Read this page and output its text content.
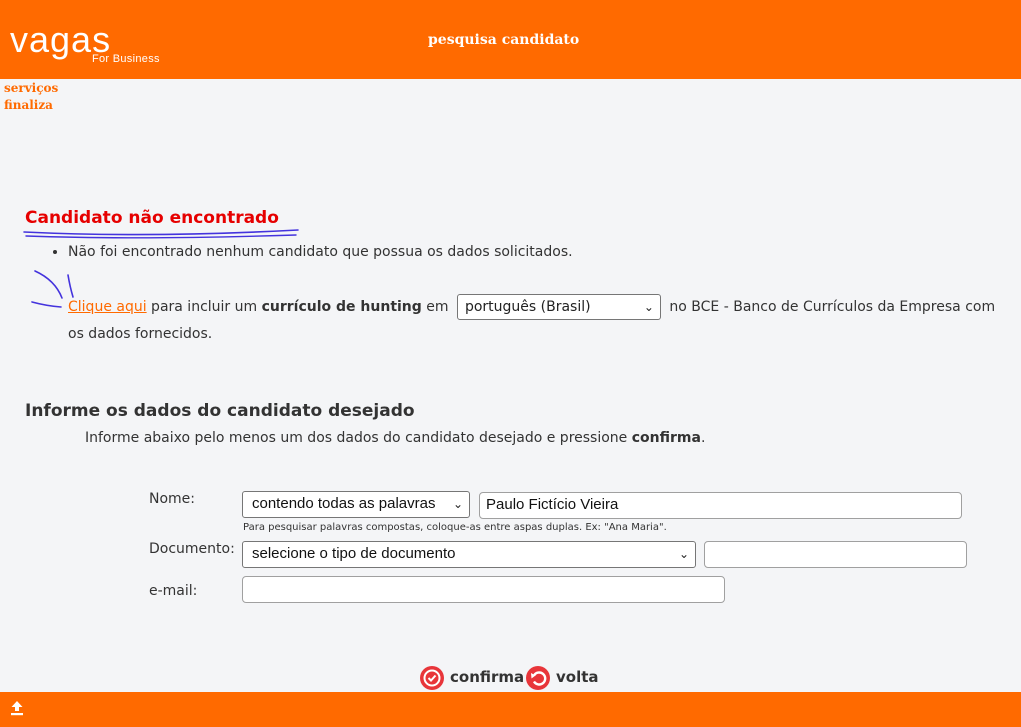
vagas
For Business
pesquisa candidato
serviços
finaliza
Candidato não encontrado
• Não foi encontrado nenhum candidato que possua os dados solicitados.
Clique aqui para incluir um currículo de hunting em português (Brasil)	⌄ no BCE - Banco de Currículos da Empresa com os dados fornecidos.
Informe os dados do candidato desejado
Informe abaixo pelo menos um dos dados do candidato desejado e pressione confirma.
Nome:	contendo todas as palavras ⌄	Paulo Fictício Vieira
Para pesquisar palavras compostas, coloque-as entre aspas duplas. Ex: "Ana Maria".
Documento:	selecione o tipo de documento	⌄
e-mail:
confirma	volta
